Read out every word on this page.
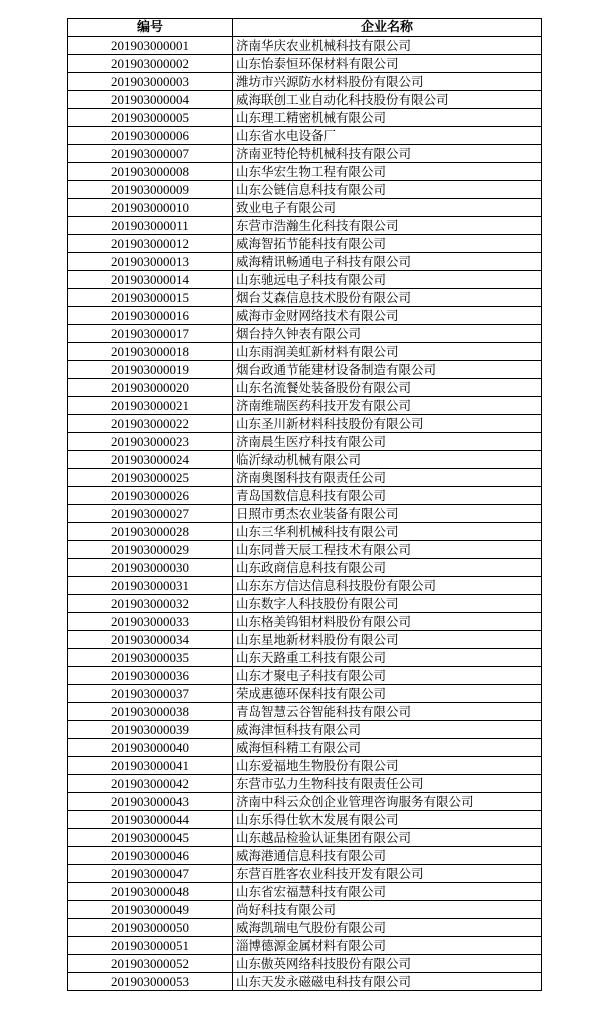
编号	企业名称
201903000001	济南华庆农业机械科技有限公司
201903000002	山东怡泰恒环保材料有限公司
201903000003	潍坊市兴源防水材料股份有限公司
201903000004	威海联创工业自动化科技股份有限公司
201903000005	山东理工精密机械有限公司
201903000006	山东省水电设备厂
201903000007	济南亚特伦特机械科技有限公司
201903000008	山东华宏生物工程有限公司
201903000009	山东公链信息科技有限公司
201903000010	致业电子有限公司
201903000011	东营市浩瀚生化科技有限公司
201903000012	威海智拓节能科技有限公司
201903000013	威海精讯畅通电子科技有限公司
201903000014	山东驰远电子科技有限公司
201903000015	烟台艾森信息技术股份有限公司
201903000016	威海市金财网络技术有限公司
201903000017	烟台持久钟表有限公司
201903000018	山东雨润美虹新材料有限公司
201903000019	烟台政通节能建材设备制造有限公司
201903000020	山东名流餐处装备股份有限公司
201903000021	济南维瑞医药科技开发有限公司
201903000022	山东圣川新材料科技股份有限公司
201903000023	济南晨生医疗科技有限公司
201903000024	临沂绿动机械有限公司
201903000025	济南奥图科技有限责任公司
201903000026	青岛国数信息科技有限公司
201903000027	日照市勇杰农业装备有限公司
201903000028	山东三华利机械科技有限公司
201903000029	山东同普天辰工程技术有限公司
201903000030	山东政商信息科技有限公司
201903000031	山东东方信达信息科技股份有限公司
201903000032	山东数字人科技股份有限公司
201903000033	山东格美钨钼材料股份有限公司
201903000034	山东星地新材料股份有限公司
201903000035	山东天路重工科技有限公司
201903000036	山东才聚电子科技有限公司
201903000037	荣成惠德环保科技有限公司
201903000038	青岛智慧云谷智能科技有限公司
201903000039	威海津恒科技有限公司
201903000040	威海恒科精工有限公司
201903000041	山东爱福地生物股份有限公司
201903000042	东营市弘力生物科技有限责任公司
201903000043	济南中科云众创企业管理咨询服务有限公司
201903000044	山东乐得仕软木发展有限公司
201903000045	山东越品检验认证集团有限公司
201903000046	威海港通信息科技有限公司
201903000047	东营百胜客农业科技开发有限公司
201903000048	山东省宏福慧科技有限公司
201903000049	尚好科技有限公司
201903000050	威海凯瑞电气股份有限公司
201903000051	淄博德源金属材料有限公司
201903000052	山东傲英网络科技股份有限公司
201903000053	山东天发永磁磁电科技有限公司
